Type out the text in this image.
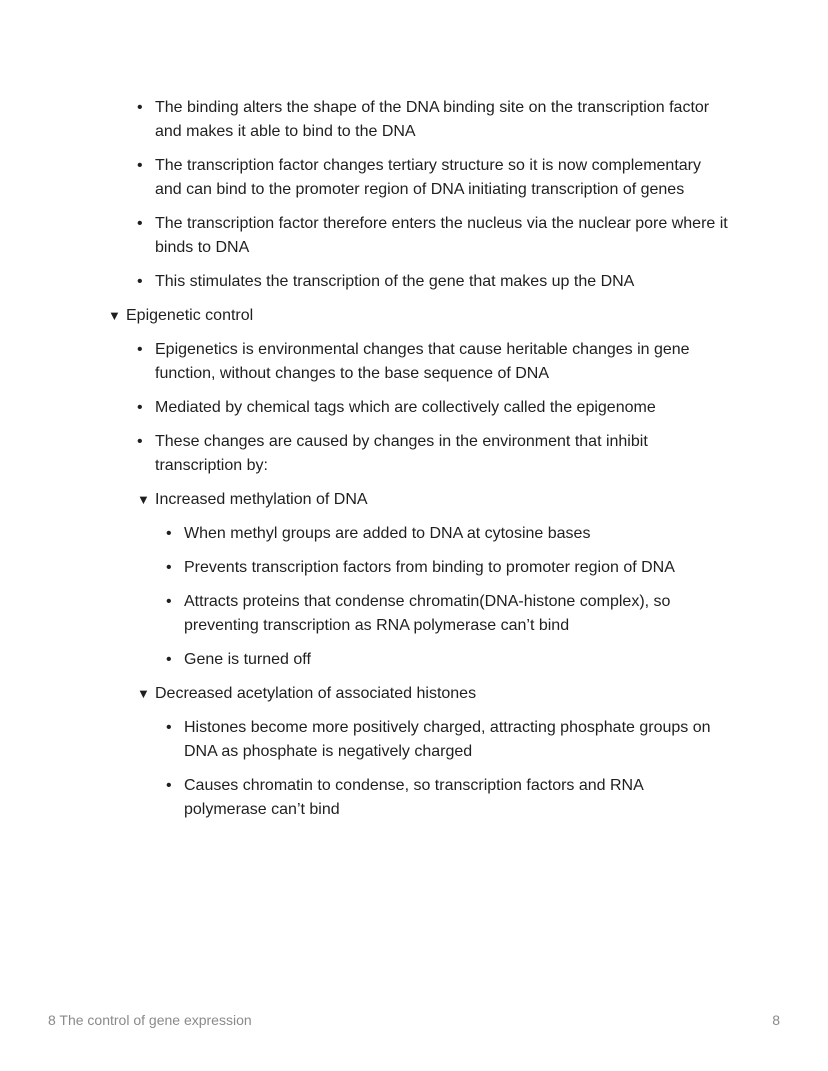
• The binding alters the shape of the DNA binding site on the transcription factor and makes it able to bind to the DNA
• The transcription factor changes tertiary structure so it is now complementary and can bind to the promoter region of DNA initiating transcription of genes
• The transcription factor therefore enters the nucleus via the nuclear pore where it binds to DNA
• This stimulates the transcription of the gene that makes up the DNA
▼ Epigenetic control
• Epigenetics is environmental changes that cause heritable changes in gene function, without changes to the base sequence of DNA
• Mediated by chemical tags which are collectively called the epigenome
• These changes are caused by changes in the environment that inhibit transcription by:
▼ Increased methylation of DNA
• When methyl groups are added to DNA at cytosine bases
• Prevents transcription factors from binding to promoter region of DNA
• Attracts proteins that condense chromatin(DNA-histone complex), so preventing transcription as RNA polymerase can’t bind
• Gene is turned off
▼ Decreased acetylation of associated histones
• Histones become more positively charged, attracting phosphate groups on DNA as phosphate is negatively charged
• Causes chromatin to condense, so transcription factors and RNA polymerase can’t bind
8 The control of gene expression	8
